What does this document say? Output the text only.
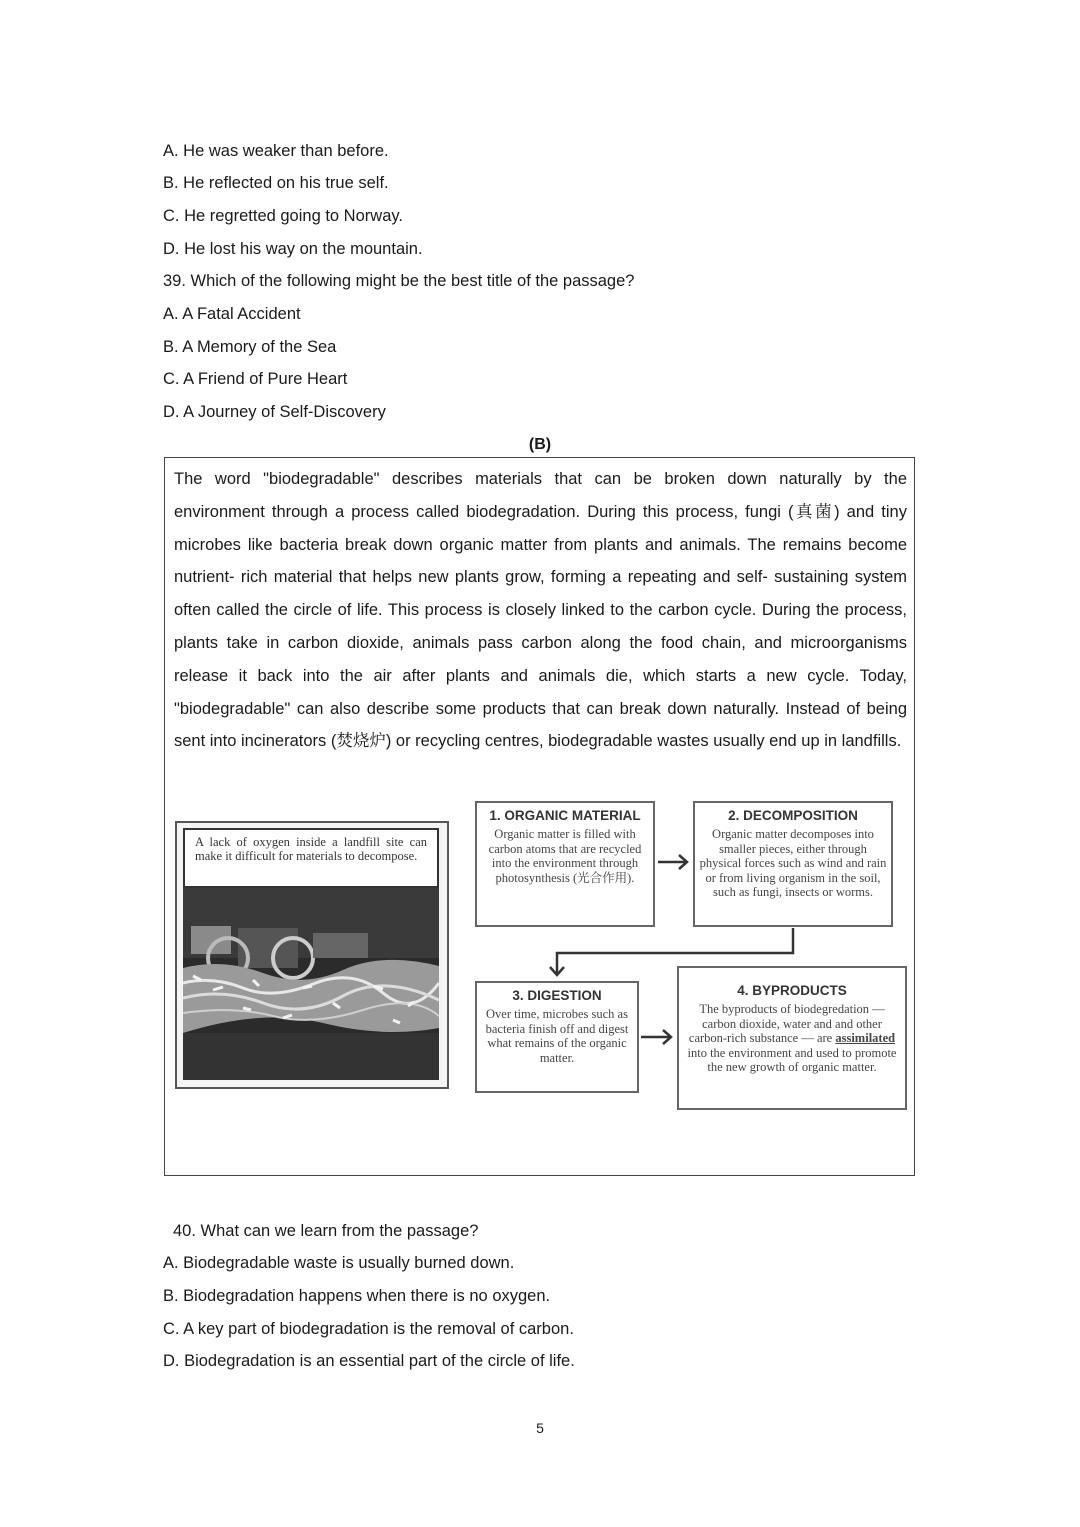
A. He was weaker than before.
B. He reflected on his true self.
C. He regretted going to Norway.
D. He lost his way on the mountain.
39. Which of the following might be the best title of the passage?
A. A Fatal Accident
B. A Memory of the Sea
C. A Friend of Pure Heart
D. A Journey of Self-Discovery
(B)
The word "biodegradable" describes materials that can be broken down naturally by the environment through a process called biodegradation. During this process, fungi (真菌) and tiny microbes like bacteria break down organic matter from plants and animals. The remains become nutrient- rich material that helps new plants grow, forming a repeating and self- sustaining system often called the circle of life. This process is closely linked to the carbon cycle. During the process, plants take in carbon dioxide, animals pass carbon along the food chain, and microorganisms release it back into the air after plants and animals die, which starts a new cycle. Today, "biodegradable" can also describe some products that can break down naturally. Instead of being sent into incinerators (焚烧炉) or recycling centres, biodegradable wastes usually end up in landfills.
A lack of oxygen inside a landfill site can make it difficult for materials to decompose.
1. ORGANIC MATERIAL
Organic matter is filled with carbon atoms that are recycled into the environment through photosynthesis (光合作用).
2. DECOMPOSITION
Organic matter decomposes into smaller pieces, either through physical forces such as wind and rain or from living organism in the soil, such as fungi, insects or worms.
3. DIGESTION
Over time, microbes such as bacteria finish off and digest what remains of the organic matter.
4. BYPRODUCTS
The byproducts of biodegredation — carbon dioxide, water and and other carbon-rich substance — are assimilated into the environment and used to promote the new growth of organic matter.
40. What can we learn from the passage?
A. Biodegradable waste is usually burned down.
B. Biodegradation happens when there is no oxygen.
C. A key part of biodegradation is the removal of carbon.
D. Biodegradation is an essential part of the circle of life.
5
